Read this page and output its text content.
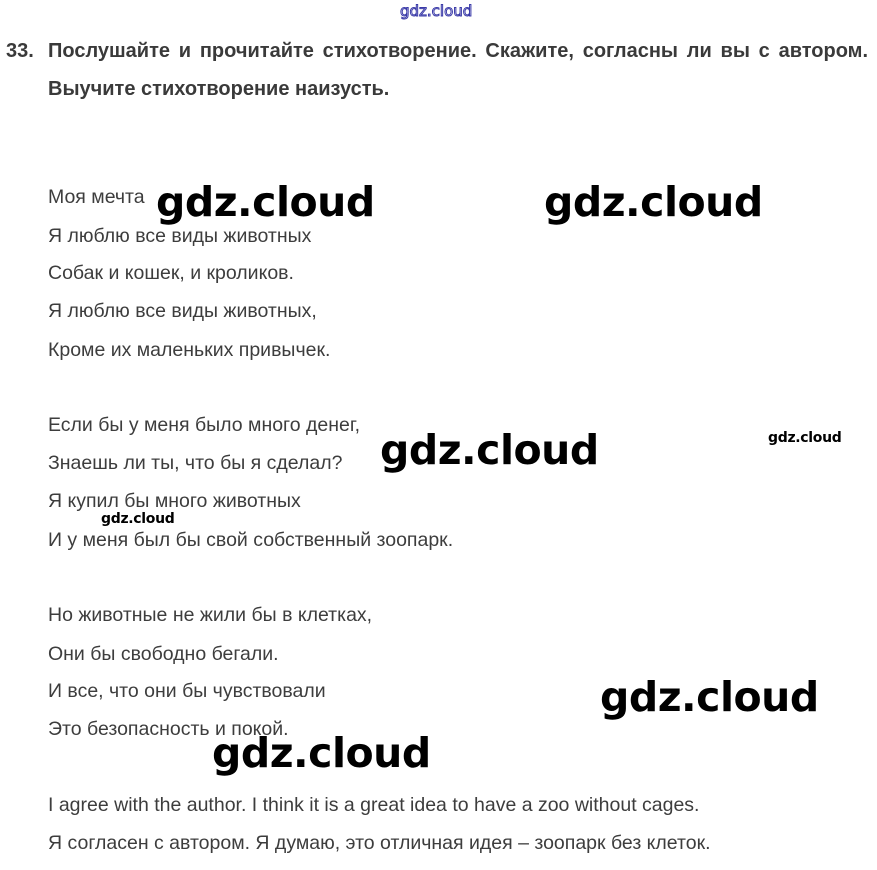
gdz.cloud
33. Послушайте и прочитайте стихотворение. Скажите, согласны ли вы с автором. Выучите стихотворение наизусть.
Моя мечта
Я люблю все виды животных
Собак и кошек, и кроликов.
Я люблю все виды животных,
Кроме их маленьких привычек.
Если бы у меня было много денег,
Знаешь ли ты, что бы я сделал?
Я купил бы много животных
И у меня был бы свой собственный зоопарк.
Но животные не жили бы в клетках,
Они бы свободно бегали.
И все, что они бы чувствовали
Это безопасность и покой.
I agree with the author. I think it is a great idea to have a zoo without cages.
Я согласен с автором. Я думаю, это отличная идея – зоопарк без клеток.
gdz.cloud	gdz.cloud
gdz.cloud	gdz.cloud
gdz.cloud
gdz.cloud
gdz.cloud
